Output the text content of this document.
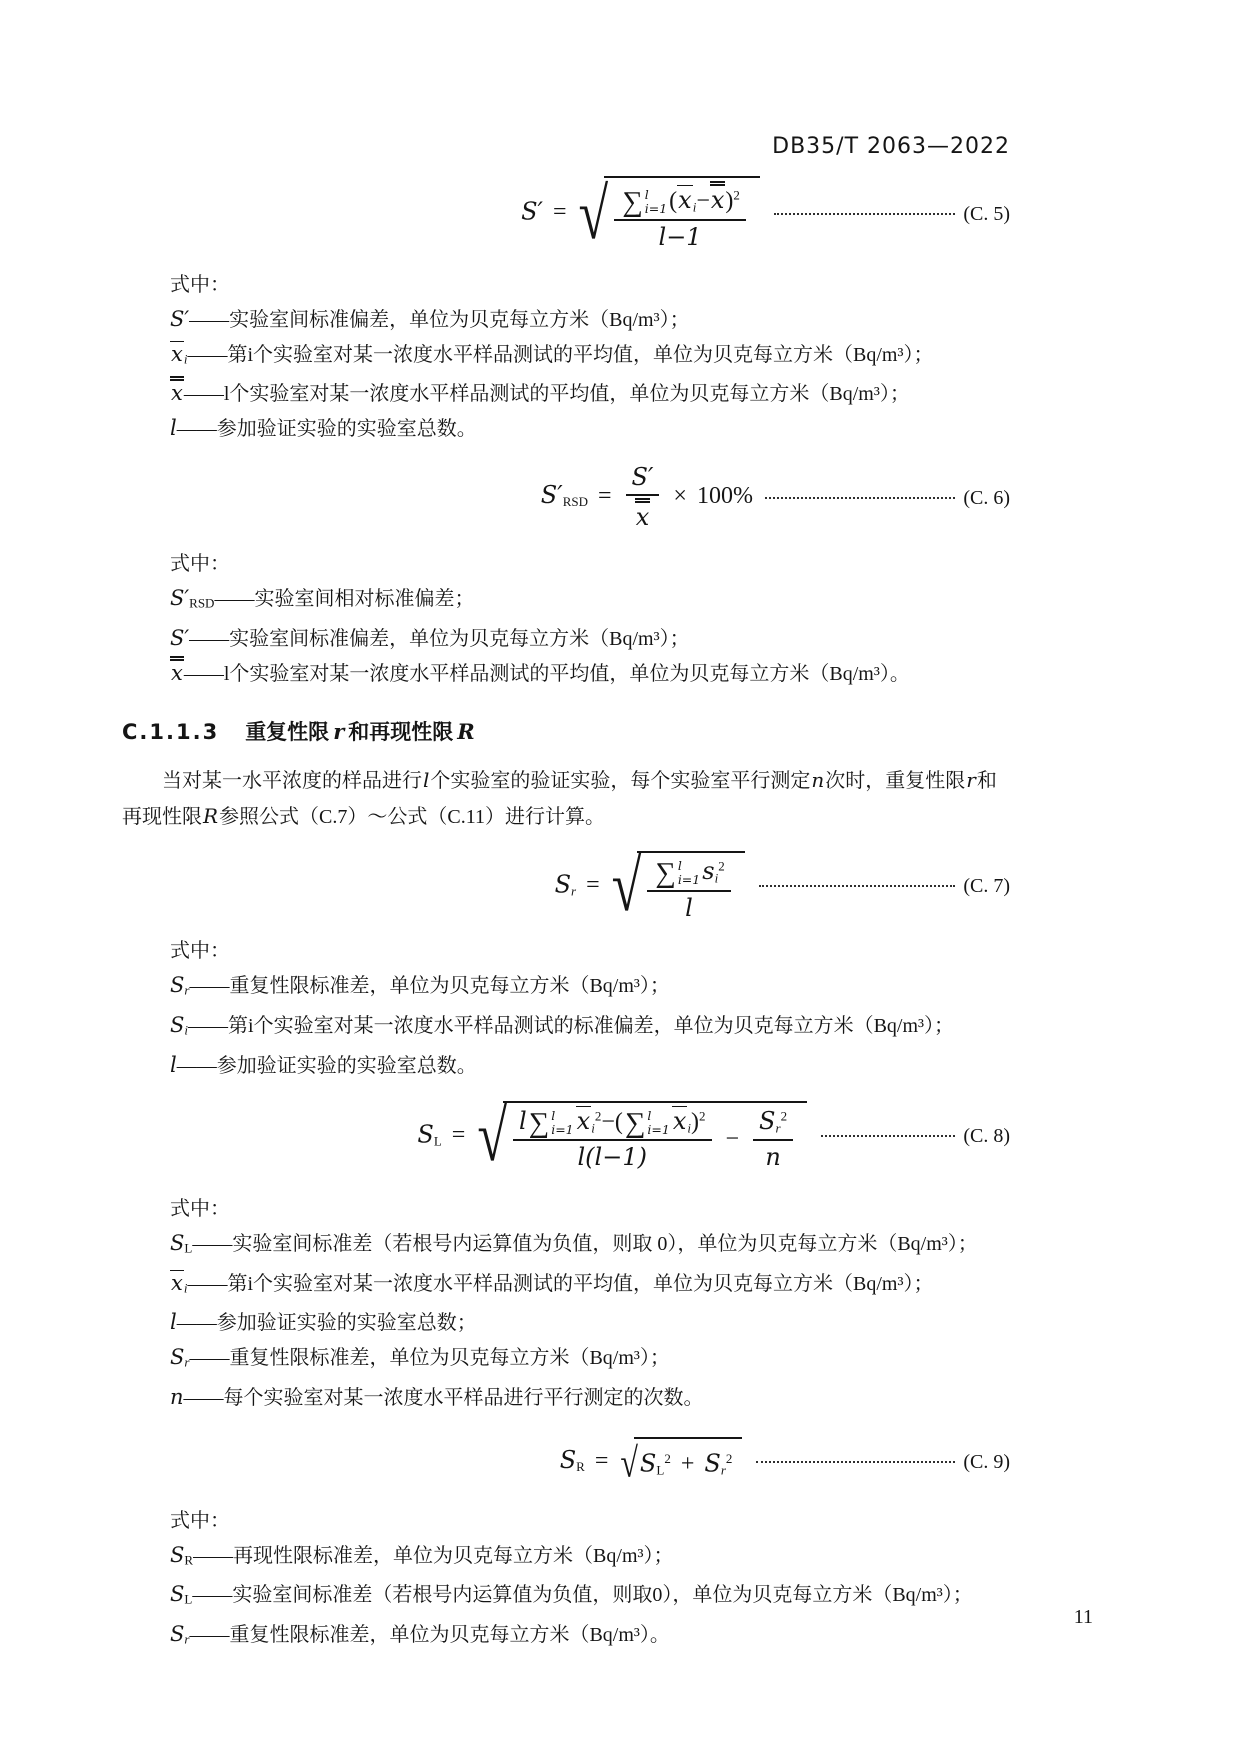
DB35/T 2063—2022
S′ = √ ∑ l
i=1 $(x_i-x)^2$
l−1	(C. 5)
式中：
S′——实验室间标准偏差，单位为贝克每立方米（Bq/m³）；
$x_i——$第i个实验室对某一浓度水平样品测试的平均值，单位为贝克每立方米（Bq/m³）；
x——l个实验室对某一浓度水平样品测试的平均值，单位为贝克每立方米（Bq/m³）；
l——参加验证实验的实验室总数。
$S'_{RSD} = \frac{S'}{x} \times 100\%$	(C. 6)
式中：
$S'_{RSD}——$实验室间相对标准偏差；
S′——实验室间标准偏差，单位为贝克每立方米（Bq/m³）；
x——l个实验室对某一浓度水平样品测试的平均值，单位为贝克每立方米（Bq/m³）。
C.1.1.3 重复性限 r 和再现性限 R

当对某一水平浓度的样品进行l个实验室的验证实验，每个实验室平行测定n次时，重复性限r和再现性限R参照公式（C.7）～公式（C.11）进行计算。

$S_r$ = √ ∑ l
i=1 $s_i^2$
l	(C. 7)
式中：
$S_r——$重复性限标准差，单位为贝克每立方米（Bq/m³）；
$S_i——$第i个实验室对某一浓度水平样品测试的标准偏差，单位为贝克每立方米（Bq/m³）；
l——参加验证实验的实验室总数。
$S_L$ = √ l ∑ l
i=1 $x_i^2-$( ∑ l
i=1 $x_i)^2$
$l(l-1) - \frac{S_r^2}{n}$	(C. 8)
式中：
$S_L——$实验室间标准差（若根号内运算值为负值，则取 0），单位为贝克每立方米（Bq/m³）；
$x_i——$第i个实验室对某一浓度水平样品测试的平均值，单位为贝克每立方米（Bq/m³）；
l——参加验证实验的实验室总数；
$S_r——$重复性限标准差，单位为贝克每立方米（Bq/m³）；
n——每个实验室对某一浓度水平样品进行平行测定的次数。
$S_R$ = √ $S_L^2 + S_r^2$	(C. 9)
式中：
$S_R——$再现性限标准差，单位为贝克每立方米（Bq/m³）；
$S_L——$实验室间标准差（若根号内运算值为负值，则取0），单位为贝克每立方米（Bq/m³）；
$S_r——$重复性限标准差，单位为贝克每立方米（Bq/m³）。
11
